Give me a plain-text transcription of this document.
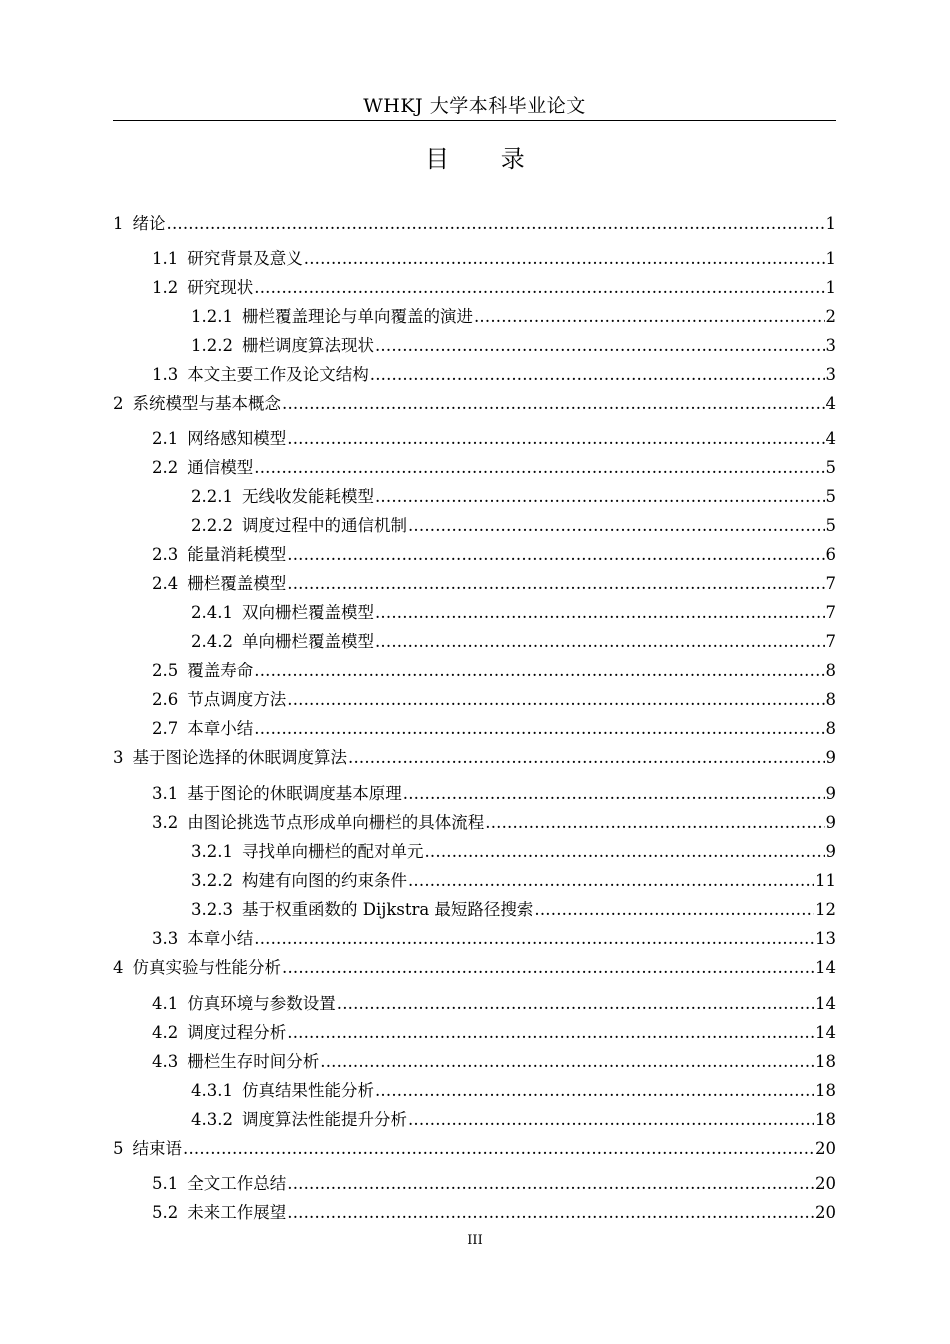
WHKJ 大学本科毕业论文
目 录
1 绪论 .....	1
1.1 研究背景及意义 .....	1
1.2 研究现状 .....	1
1.2.1 栅栏覆盖理论与单向覆盖的演进 .....	2
1.2.2 栅栏调度算法现状 .....	3
1.3 本文主要工作及论文结构 .....	3
2 系统模型与基本概念 .....	4
2.1 网络感知模型 .....	4
2.2 通信模型 .....	5
2.2.1 无线收发能耗模型 .....	5
2.2.2 调度过程中的通信机制 .....	5
2.3 能量消耗模型 .....	6
2.4 栅栏覆盖模型 .....	7
2.4.1 双向栅栏覆盖模型 .....	7
2.4.2 单向栅栏覆盖模型 .....	7
2.5 覆盖寿命 .....	8
2.6 节点调度方法 .....	8
2.7 本章小结 .....	8
3 基于图论选择的休眠调度算法 .....	9
3.1 基于图论的休眠调度基本原理 .....	9
3.2 由图论挑选节点形成单向栅栏的具体流程 .....	9
3.2.1 寻找单向栅栏的配对单元 .....	9
3.2.2 构建有向图的约束条件 .....	11
3.2.3 基于权重函数的 Dijkstra 最短路径搜索 .....	12
3.3 本章小结 .....	13
4 仿真实验与性能分析 .....	14
4.1 仿真环境与参数设置 .....	14
4.2 调度过程分析 .....	14
4.3 栅栏生存时间分析 .....	18
4.3.1 仿真结果性能分析 .....	18
4.3.2 调度算法性能提升分析 .....	18
5 结束语 .....	20
5.1 全文工作总结 .....	20
5.2 未来工作展望 .....	20
III
